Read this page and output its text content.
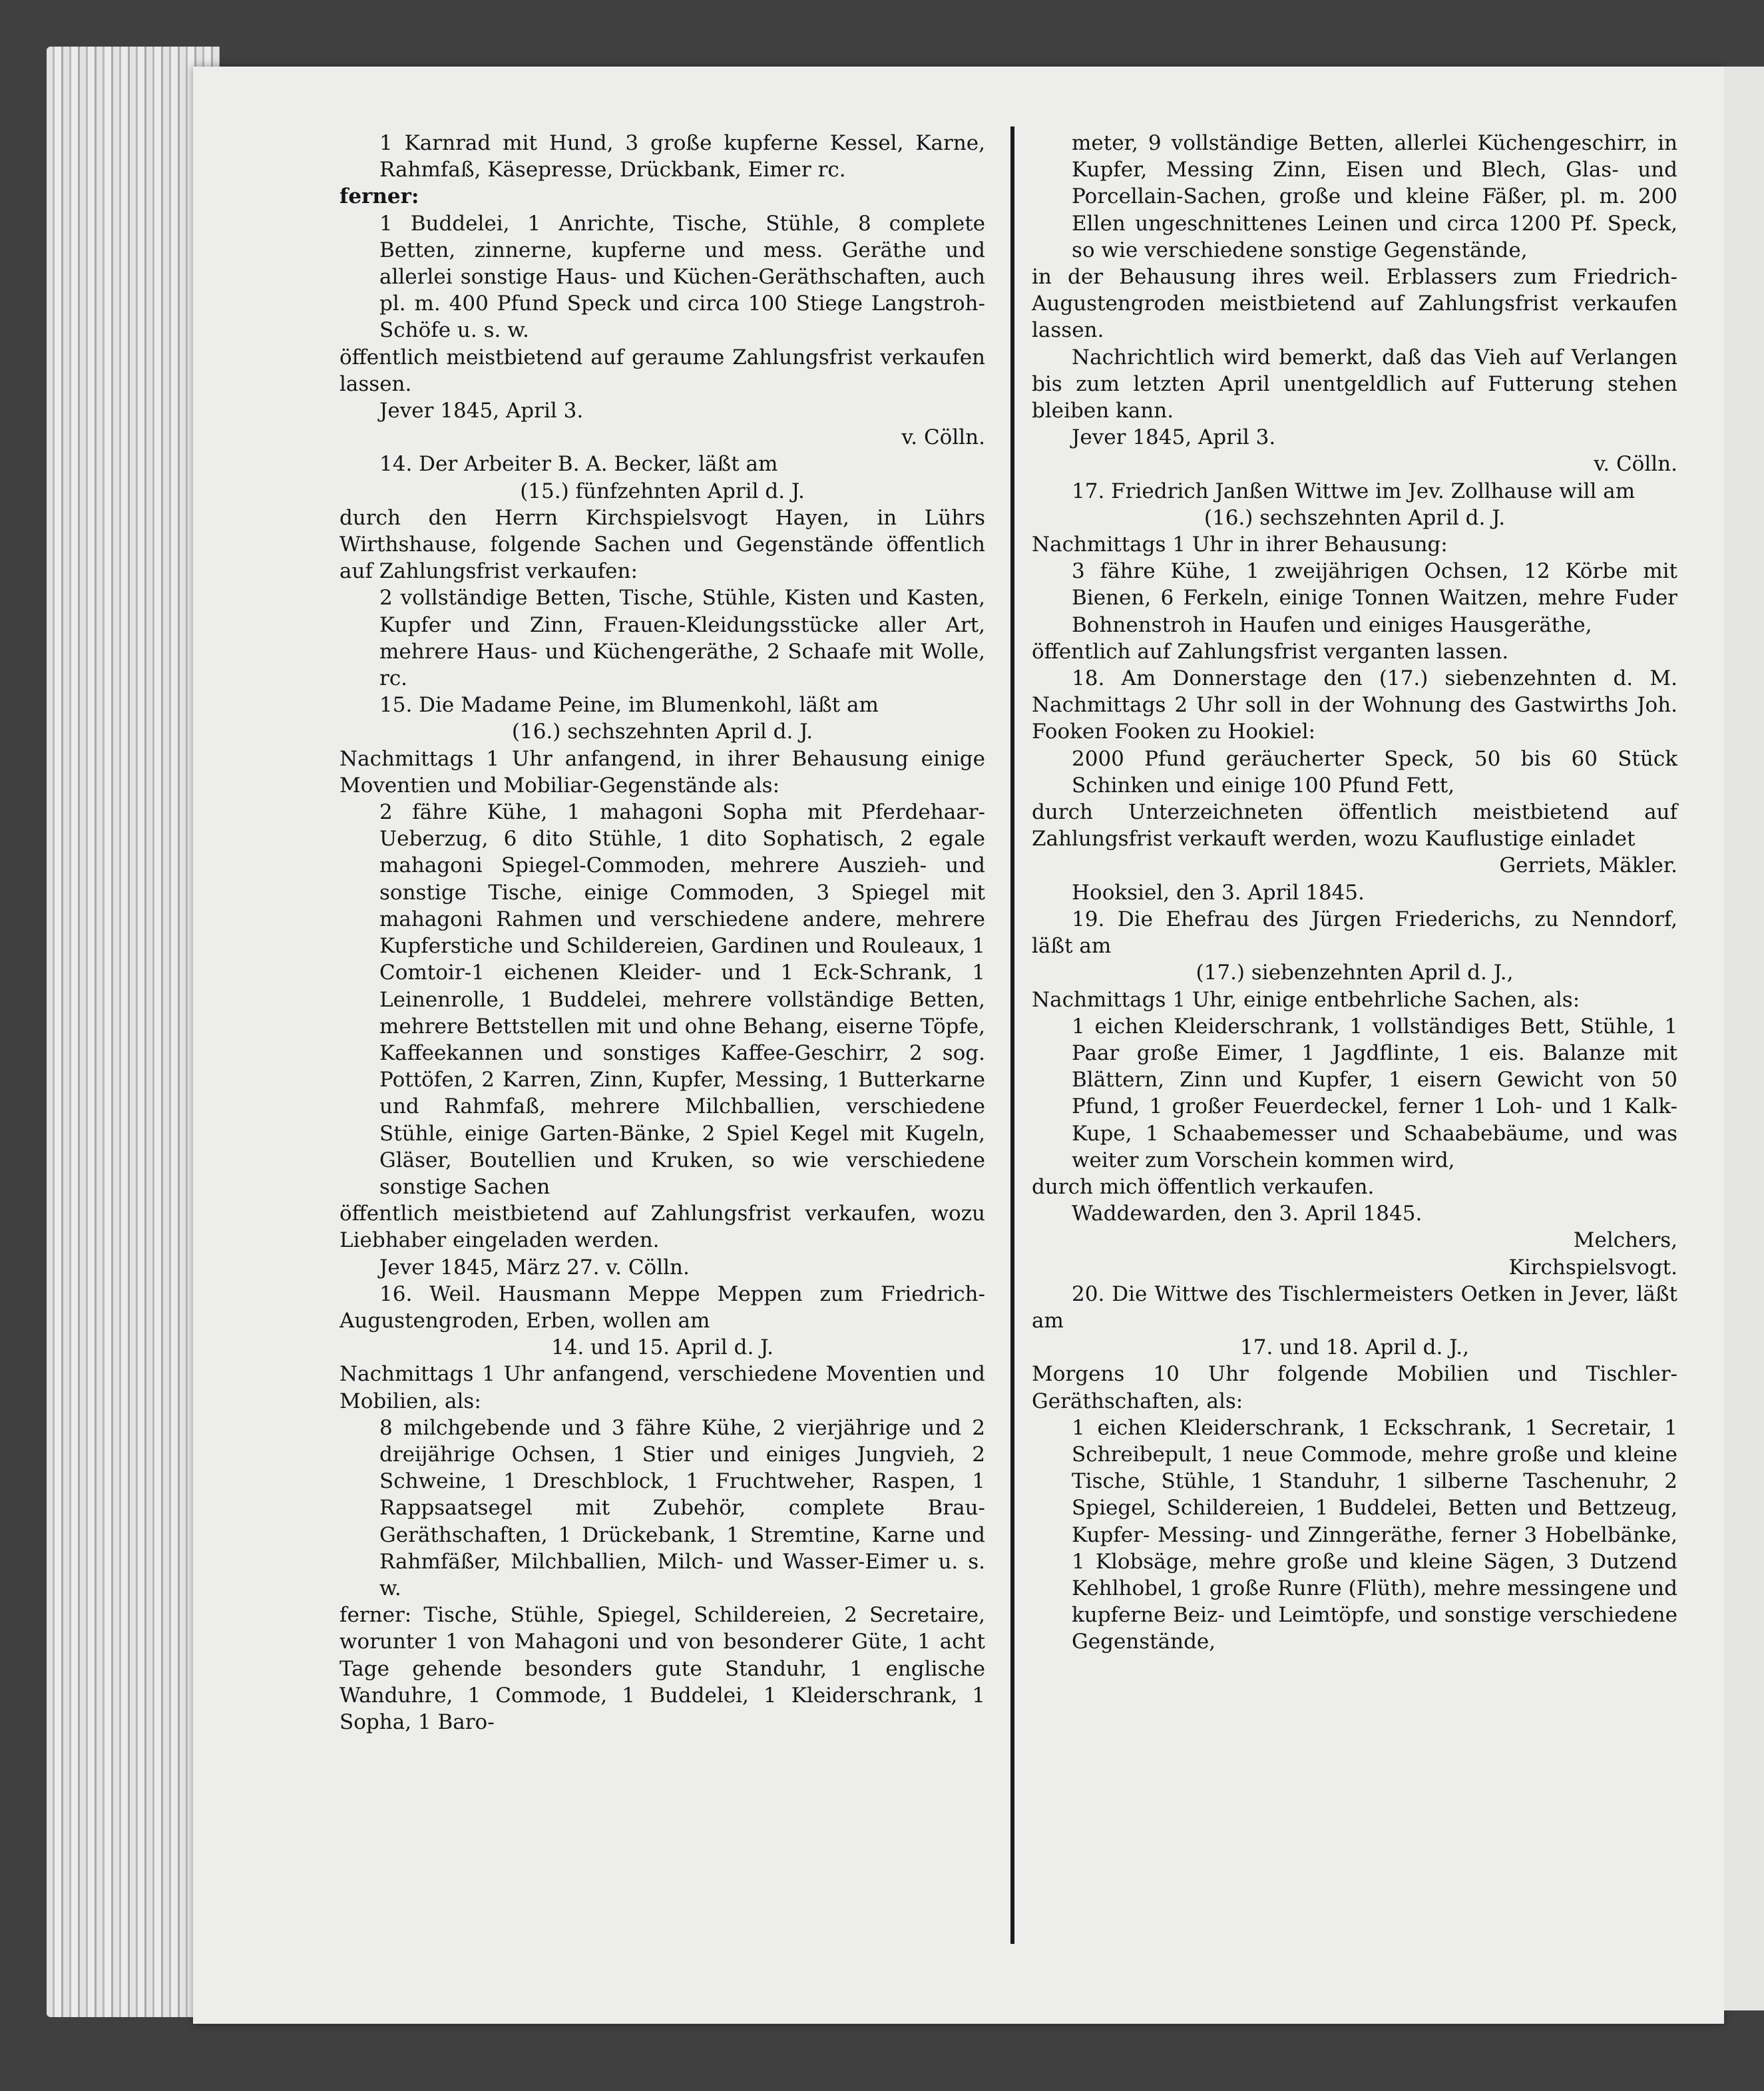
1 Karnrad mit Hund, 3 große kupferne Kessel, Karne, Rahmfaß, Käsepresse, Drückbank, Eimer rc.

ferner:

1 Buddelei, 1 Anrichte, Tische, Stühle, 8 complete Betten, zinnerne, kupferne und mess. Geräthe und allerlei sonstige Haus- und Küchen-Geräthschaften, auch pl. m. 400 Pfund Speck und circa 100 Stiege Langstroh-Schöfe u. s. w.

öffentlich meistbietend auf geraume Zahlungsfrist verkaufen lassen.

Jever 1845, April 3.

v. Cölln.

14. Der Arbeiter B. A. Becker, läßt am

(15.) fünfzehnten April d. J.

durch den Herrn Kirchspielsvogt Hayen, in Lührs Wirthshause, folgende Sachen und Gegenstände öffentlich auf Zahlungsfrist verkaufen:

2 vollständige Betten, Tische, Stühle, Kisten und Kasten, Kupfer und Zinn, Frauen-Kleidungsstücke aller Art, mehrere Haus- und Küchengeräthe, 2 Schaafe mit Wolle, rc.

15. Die Madame Peine, im Blumenkohl, läßt am

(16.) sechszehnten April d. J.

Nachmittags 1 Uhr anfangend, in ihrer Behausung einige Moventien und Mobiliar-Gegenstände als:

2 fähre Kühe, 1 mahagoni Sopha mit Pferdehaar-Ueberzug, 6 dito Stühle, 1 dito Sophatisch, 2 egale mahagoni Spiegel-Commoden, mehrere Auszieh- und sonstige Tische, einige Commoden, 3 Spiegel mit mahagoni Rahmen und verschiedene andere, mehrere Kupferstiche und Schildereien, Gardinen und Rouleaux, 1 Comtoir-1 eichenen Kleider- und 1 Eck-Schrank, 1 Leinenrolle, 1 Buddelei, mehrere vollständige Betten, mehrere Bettstellen mit und ohne Behang, eiserne Töpfe, Kaffeekannen und sonstiges Kaffee-Geschirr, 2 sog. Pottöfen, 2 Karren, Zinn, Kupfer, Messing, 1 Butterkarne und Rahmfaß, mehrere Milchballien, verschiedene Stühle, einige Garten-Bänke, 2 Spiel Kegel mit Kugeln, Gläser, Boutellien und Kruken, so wie verschiedene sonstige Sachen

öffentlich meistbietend auf Zahlungsfrist verkaufen, wozu Liebhaber eingeladen werden.

Jever 1845, März 27. v. Cölln.

16. Weil. Hausmann Meppe Meppen zum Friedrich-Augustengroden, Erben, wollen am

14. und 15. April d. J.

Nachmittags 1 Uhr anfangend, verschiedene Moventien und Mobilien, als:

8 milchgebende und 3 fähre Kühe, 2 vierjährige und 2 dreijährige Ochsen, 1 Stier und einiges Jungvieh, 2 Schweine, 1 Dreschblock, 1 Fruchtweher, Raspen, 1 Rappsaatsegel mit Zubehör, complete Brau-Geräthschaften, 1 Drückebank, 1 Stremtine, Karne und Rahmfäßer, Milchballien, Milch- und Wasser-Eimer u. s. w.

ferner: Tische, Stühle, Spiegel, Schildereien, 2 Secretaire, worunter 1 von Mahagoni und von besonderer Güte, 1 acht Tage gehende besonders gute Standuhr, 1 englische Wanduhre, 1 Commode, 1 Buddelei, 1 Kleiderschrank, 1 Sopha, 1 Baro-

meter, 9 vollständige Betten, allerlei Küchengeschirr, in Kupfer, Messing Zinn, Eisen und Blech, Glas- und Porcellain-Sachen, große und kleine Fäßer, pl. m. 200 Ellen ungeschnittenes Leinen und circa 1200 Pf. Speck, so wie verschiedene sonstige Gegenstände,

in der Behausung ihres weil. Erblassers zum Friedrich-Augustengroden meistbietend auf Zahlungsfrist verkaufen lassen.

Nachrichtlich wird bemerkt, daß das Vieh auf Verlangen bis zum letzten April unentgeldlich auf Futterung stehen bleiben kann.

Jever 1845, April 3.

v. Cölln.

17. Friedrich Janßen Wittwe im Jev. Zollhause will am

(16.) sechszehnten April d. J.

Nachmittags 1 Uhr in ihrer Behausung:

3 fähre Kühe, 1 zweijährigen Ochsen, 12 Körbe mit Bienen, 6 Ferkeln, einige Tonnen Waitzen, mehre Fuder Bohnenstroh in Haufen und einiges Hausgeräthe,

öffentlich auf Zahlungsfrist verganten lassen.

18. Am Donnerstage den (17.) siebenzehnten d. M. Nachmittags 2 Uhr soll in der Wohnung des Gastwirths Joh. Fooken Fooken zu Hookiel:

2000 Pfund geräucherter Speck, 50 bis 60 Stück Schinken und einige 100 Pfund Fett,

durch Unterzeichneten öffentlich meistbietend auf Zahlungsfrist verkauft werden, wozu Kauflustige einladet

Gerriets, Mäkler.

Hooksiel, den 3. April 1845.

19. Die Ehefrau des Jürgen Friederichs, zu Nenndorf, läßt am

(17.) siebenzehnten April d. J.,

Nachmittags 1 Uhr, einige entbehrliche Sachen, als:

1 eichen Kleiderschrank, 1 vollständiges Bett, Stühle, 1 Paar große Eimer, 1 Jagdflinte, 1 eis. Balanze mit Blättern, Zinn und Kupfer, 1 eisern Gewicht von 50 Pfund, 1 großer Feuerdeckel, ferner 1 Loh- und 1 Kalk-Kupe, 1 Schaabemesser und Schaabebäume, und was weiter zum Vorschein kommen wird,

durch mich öffentlich verkaufen.

Waddewarden, den 3. April 1845.

Melchers,

Kirchspielsvogt.

20. Die Wittwe des Tischlermeisters Oetken in Jever, läßt am

17. und 18. April d. J.,

Morgens 10 Uhr folgende Mobilien und Tischler-Geräthschaften, als:

1 eichen Kleiderschrank, 1 Eckschrank, 1 Secretair, 1 Schreibepult, 1 neue Commode, mehre große und kleine Tische, Stühle, 1 Standuhr, 1 silberne Taschenuhr, 2 Spiegel, Schildereien, 1 Buddelei, Betten und Bettzeug, Kupfer- Messing- und Zinngeräthe, ferner 3 Hobelbänke, 1 Klobsäge, mehre große und kleine Sägen, 3 Dutzend Kehlhobel, 1 große Runre (Flüth), mehre messingene und kupferne Beiz- und Leimtöpfe, und sonstige verschiedene Gegenstände,
